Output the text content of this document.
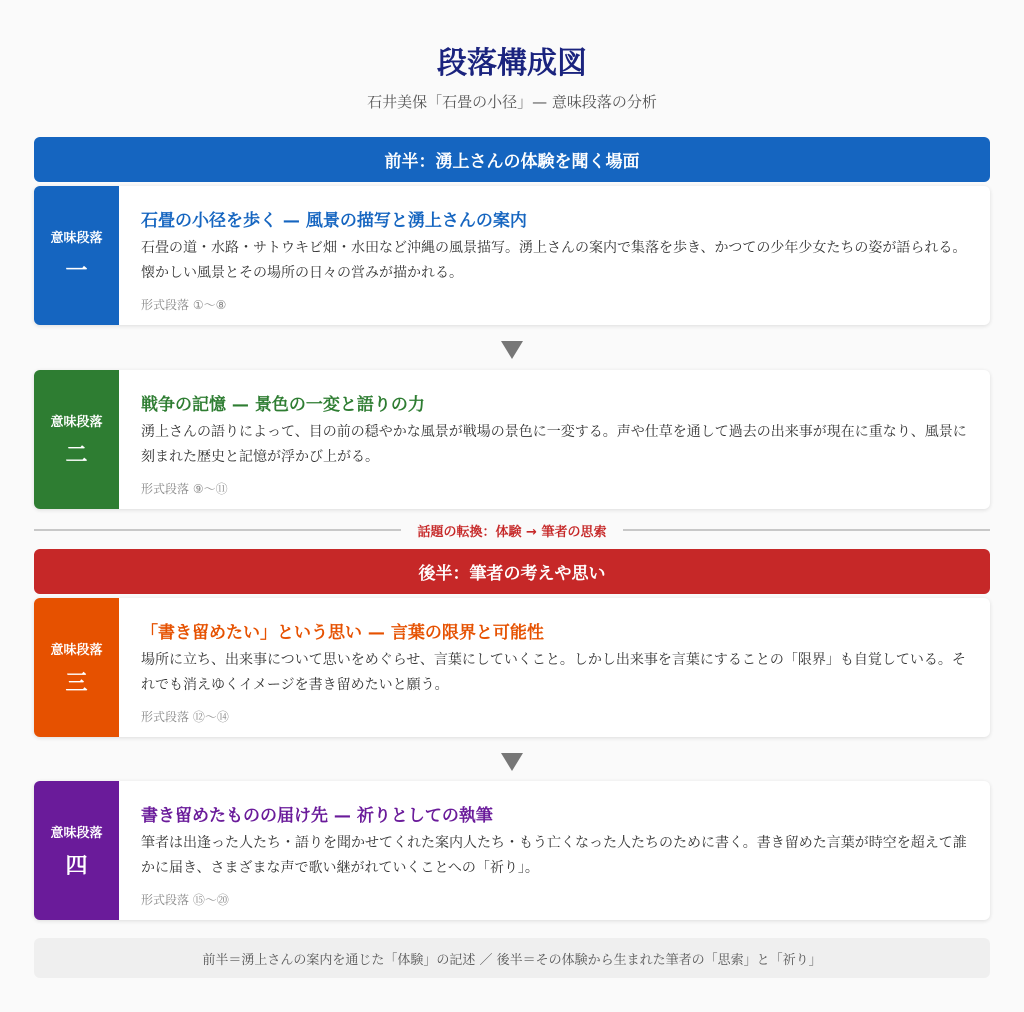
段落構成図
石井美保「石畳の小径」— 意味段落の分析
前半：湧上さんの体験を聞く場面
意味段落
一
石畳の小径を歩く — 風景の描写と湧上さんの案内
石畳の道・水路・サトウキビ畑・水田など沖縄の風景描写。湧上さんの案内で集落を歩き、かつての少年少女たちの姿が語られる。懐かしい風景とその場所の日々の営みが描かれる。
形式段落 ①〜⑧
意味段落
二
戦争の記憶 — 景色の一変と語りの力
湧上さんの語りによって、目の前の穏やかな風景が戦場の景色に一変する。声や仕草を通して過去の出来事が現在に重なり、風景に刻まれた歴史と記憶が浮かび上がる。
形式段落 ⑨〜⑪
話題の転換：体験 → 筆者の思索
後半：筆者の考えや思い
意味段落
三
「書き留めたい」という思い — 言葉の限界と可能性
場所に立ち、出来事について思いをめぐらせ、言葉にしていくこと。しかし出来事を言葉にすることの「限界」も自覚している。それでも消えゆくイメージを書き留めたいと願う。
形式段落 ⑫〜⑭
意味段落
四
書き留めたものの届け先 — 祈りとしての執筆
筆者は出逢った人たち・語りを聞かせてくれた案内人たち・もう亡くなった人たちのために書く。書き留めた言葉が時空を超えて誰かに届き、さまざまな声で歌い継がれていくことへの「祈り」。
形式段落 ⑮〜⑳
前半＝湧上さんの案内を通じた「体験」の記述 ／ 後半＝その体験から生まれた筆者の「思索」と「祈り」
